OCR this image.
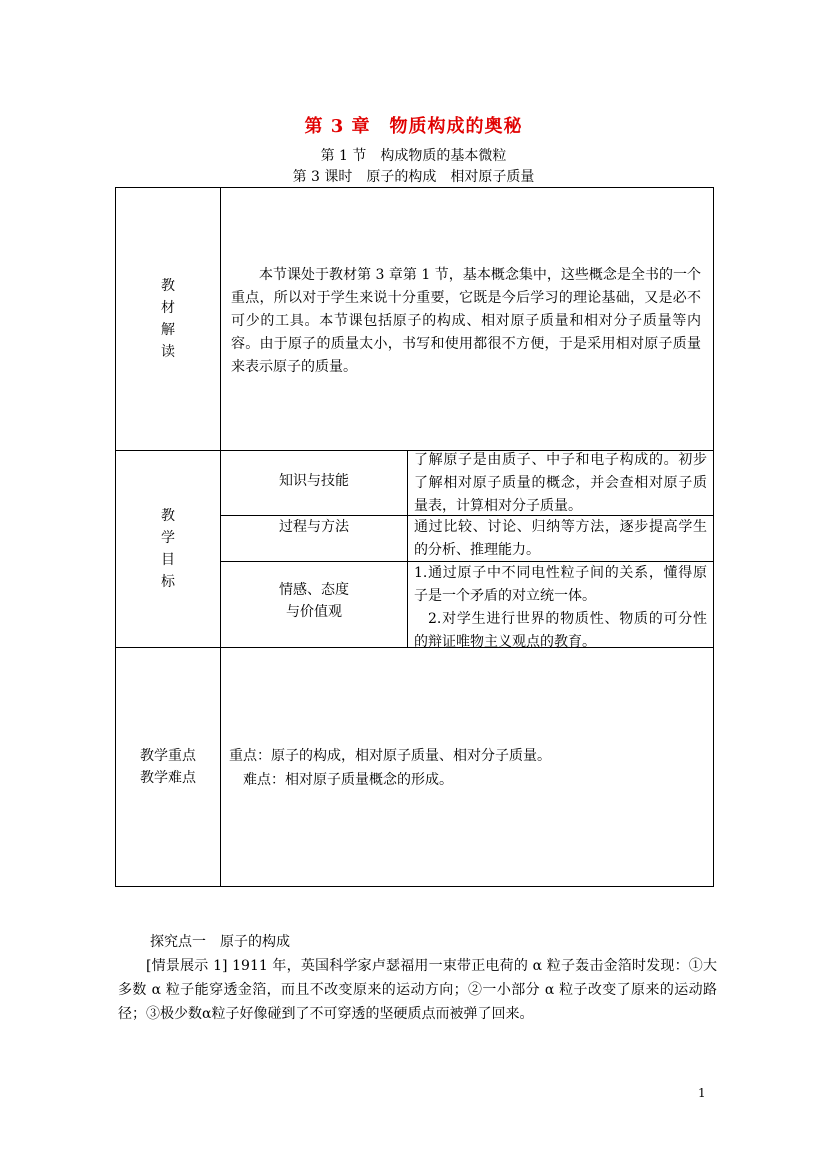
第 3 章　物质构成的奥秘
第 1 节　构成物质的基本微粒
第 3 课时　原子的构成　相对原子质量
教
材
解
读
本节课处于教材第 3 章第 1 节，基本概念集中，这些概念是全书的一个重点，所以对于学生来说十分重要，它既是今后学习的理论基础，又是必不可少的工具。本节课包括原子的构成、相对原子质量和相对分子质量等内容。由于原子的质量太小，书写和使用都很不方便，于是采用相对原子质量来表示原子的质量。
教
学
目
标
知识与技能
了解原子是由质子、中子和电子构成的。初步了解相对原子质量的概念，并会查相对原子质量表，计算相对分子质量。
过程与方法	通过比较、讨论、归纳等方法，逐步提高学生的分析、推理能力。
情感、态度
与价值观
1.通过原子中不同电性粒子间的关系，懂得原子是一个矛盾的对立统一体。
2.对学生进行世界的物质性、物质的可分性的辩证唯物主义观点的教育。
教学重点
教学难点
重点：原子的构成，相对原子质量、相对分子质量。
难点：相对原子质量概念的形成。

探究点一　原子的构成

[情景展示 1] 1911 年，英国科学家卢瑟福用一束带正电荷的 α 粒子轰击金箔时发现：①大多数 α 粒子能穿透金箔，而且不改变原来的运动方向；②一小部分 α 粒子改变了原来的运动路径；③极少数α粒子好像碰到了不可穿透的坚硬质点而被弹了回来。

1
